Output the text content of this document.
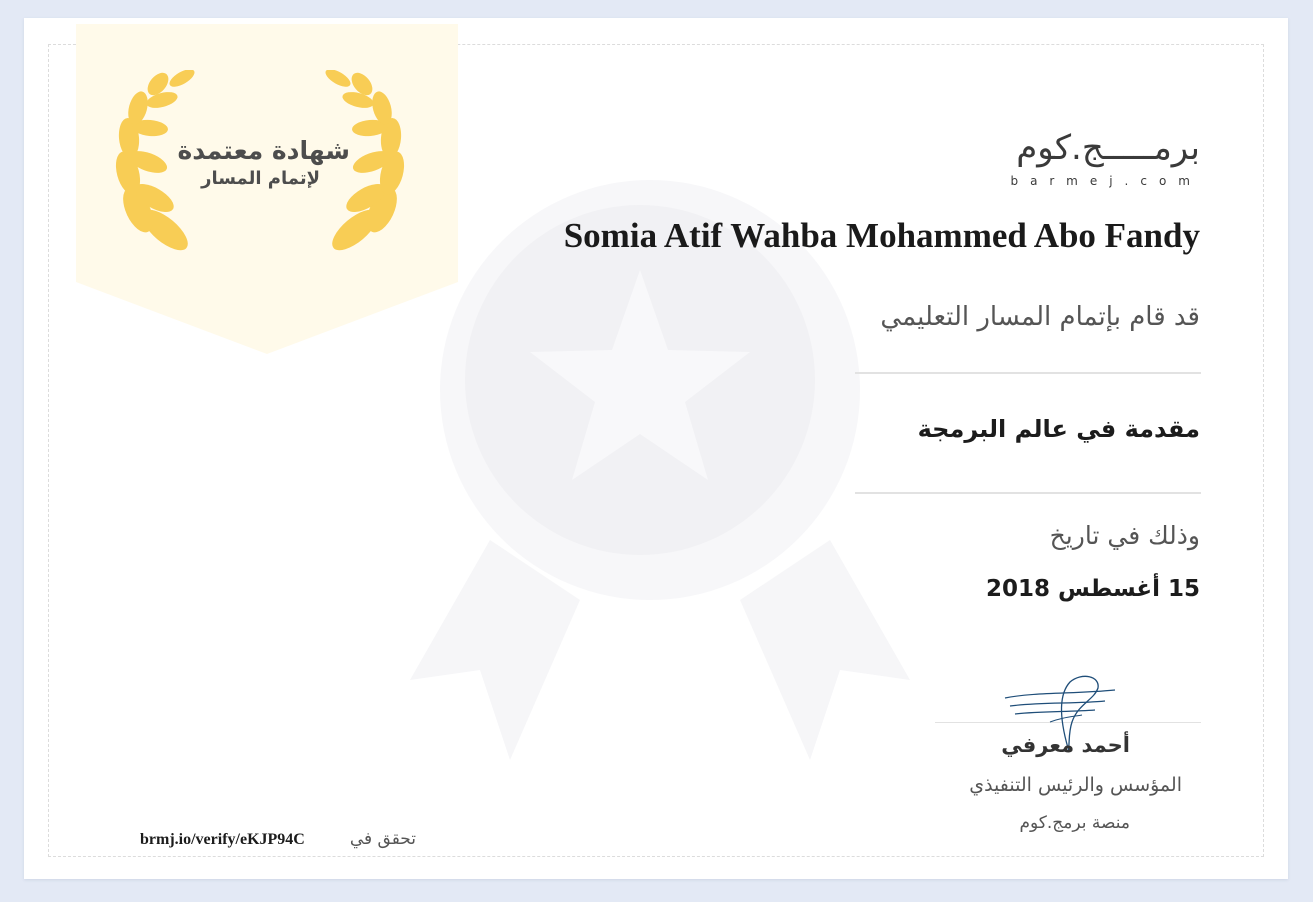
شهادة معتمدة
لإتمام المسار
برمـــــج.كوم
barmej.com
Somia Atif Wahba Mohammed Abo Fandy
قد قام بإتمام المسار التعليمي
مقدمة في عالم البرمجة
وذلك في تاريخ
15 أغسطس 2018
أحمد معرفي
المؤسس والرئيس التنفيذي
منصة برمج.كوم
تحقق في
brmj.io/verify/eKJP94C
